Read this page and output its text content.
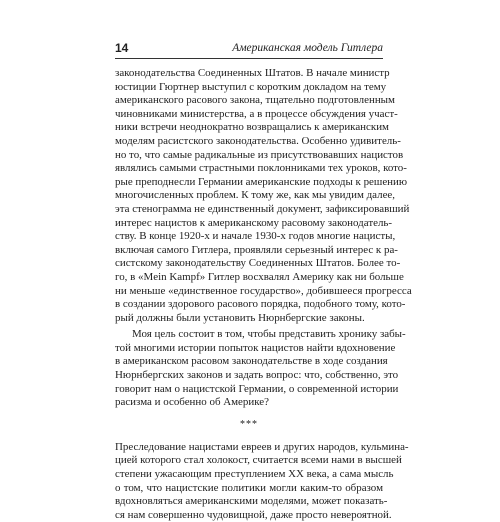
14	Американская модель Гитлера
законодательства Соединенных Штатов. В начале министр
юстиции Гюртнер выступил с коротким докладом на тему
американского расового закона, тщательно подготовленным
чиновниками министерства, а в процессе обсуждения участ-
ники встречи неоднократно возвращались к американским
моделям расистского законодательства. Особенно удивитель-
но то, что самые радикальные из присутствовавших нацистов
являлись самыми страстными поклонниками тех уроков, кото-
рые преподнесли Германии американские подходы к решению
многочисленных проблем. К тому же, как мы увидим далее,
эта стенограмма не единственный документ, зафиксировавший
интерес нацистов к американскому расовому законодатель-
ству. В конце 1920-х и начале 1930-х годов многие нацисты,
включая самого Гитлера, проявляли серьезный интерес к ра-
систскому законодательству Соединенных Штатов. Более то-
го, в «Mein Kampf» Гитлер восхвалял Америку как ни больше
ни меньше «единственное государство», добившееся прогресса
в создании здорового расового порядка, подобного тому, кото-
рый должны были установить Нюрнбергские законы.
Моя цель состоит в том, чтобы представить хронику забы-
той многими истории попыток нацистов найти вдохновение
в американском расовом законодательстве в ходе создания
Нюрнбергских законов и задать вопрос: что, собственно, это
говорит нам о нацистской Германии, о современной истории
расизма и особенно об Америке?
***
Преследование нацистами евреев и других народов, кульмина-
цией которого стал холокост, считается всеми нами в высшей
степени ужасающим преступлением XX века, а сама мысль
о том, что нацистские политики могли каким-то образом
вдохновляться американскими моделями, может показать-
ся нам совершенно чудовищной, даже просто невероятной.
